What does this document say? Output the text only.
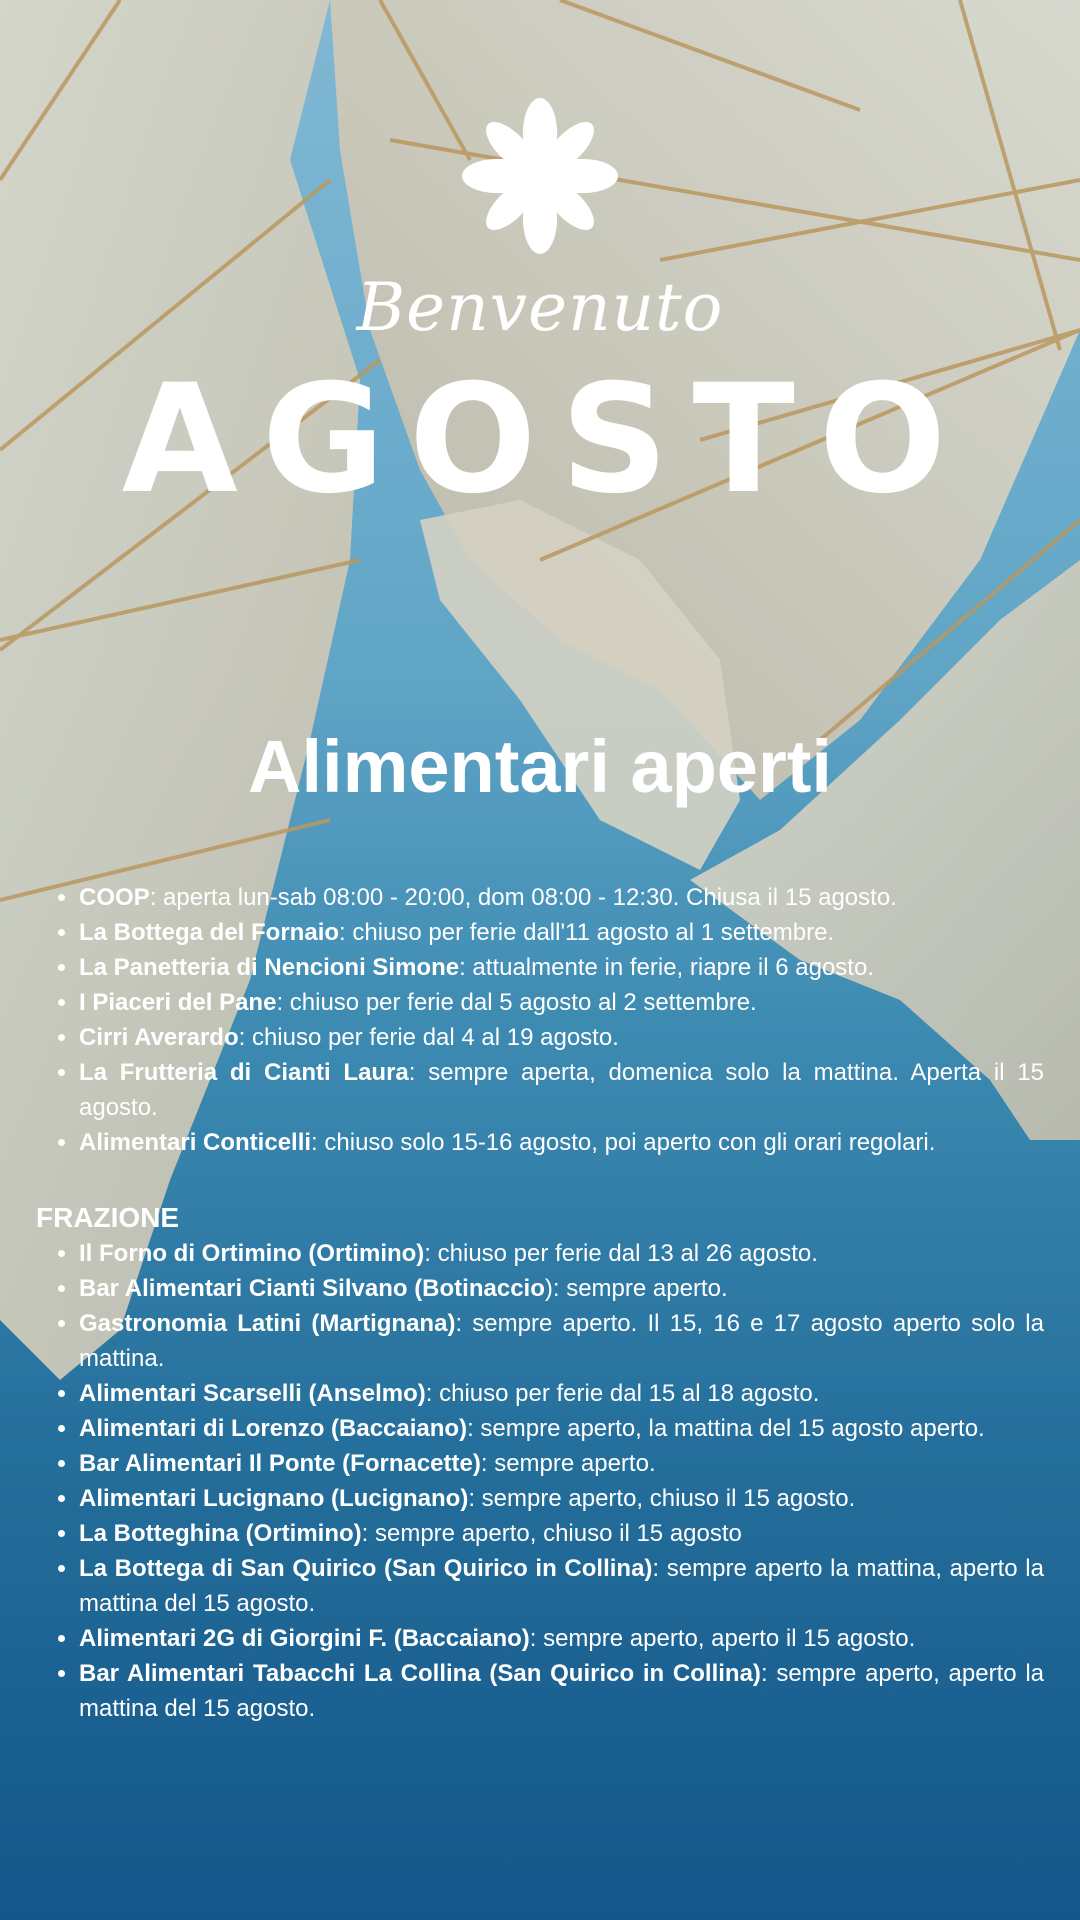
Benvenuto
AGOSTO
Alimentari aperti
• COOP: aperta lun-sab 08:00 - 20:00, dom 08:00 - 12:30. Chiusa il 15 agosto.
• La Bottega del Fornaio: chiuso per ferie dall'11 agosto al 1 settembre.
• La Panetteria di Nencioni Simone: attualmente in ferie, riapre il 6 agosto.
• I Piaceri del Pane: chiuso per ferie dal 5 agosto al 2 settembre.
• Cirri Averardo: chiuso per ferie dal 4 al 19 agosto.
• La Frutteria di Cianti Laura: sempre aperta, domenica solo la mattina. Aperta il 15 agosto.
• Alimentari Conticelli: chiuso solo 15-16 agosto, poi aperto con gli orari regolari.
FRAZIONE
• Il Forno di Ortimino (Ortimino): chiuso per ferie dal 13 al 26 agosto.
• Bar Alimentari Cianti Silvano (Botinaccio): sempre aperto.
• Gastronomia Latini (Martignana): sempre aperto. Il 15, 16 e 17 agosto aperto solo la mattina.
• Alimentari Scarselli (Anselmo): chiuso per ferie dal 15 al 18 agosto.
• Alimentari di Lorenzo (Baccaiano): sempre aperto, la mattina del 15 agosto aperto.
• Bar Alimentari Il Ponte (Fornacette): sempre aperto.
• Alimentari Lucignano (Lucignano): sempre aperto, chiuso il 15 agosto.
• La Botteghina (Ortimino): sempre aperto, chiuso il 15 agosto
• La Bottega di San Quirico (San Quirico in Collina): sempre aperto la mattina, aperto la mattina del 15 agosto.
• Alimentari 2G di Giorgini F. (Baccaiano): sempre aperto, aperto il 15 agosto.
• Bar Alimentari Tabacchi La Collina (San Quirico in Collina): sempre aperto, aperto la mattina del 15 agosto.
